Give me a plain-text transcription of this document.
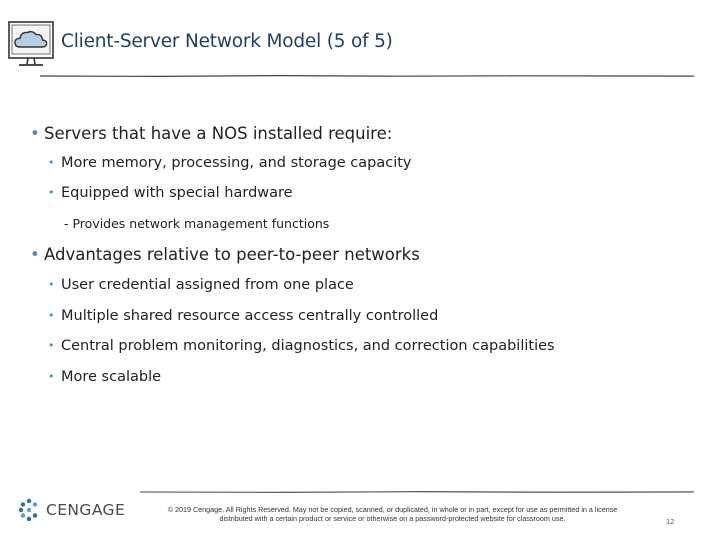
Client-Server Network Model (5 of 5)
• Servers that have a NOS installed require:
• More memory, processing, and storage capacity
• Equipped with special hardware
- Provides network management functions
• Advantages relative to peer-to-peer networks
• User credential assigned from one place
• Multiple shared resource access centrally controlled
• Central problem monitoring, diagnostics, and correction capabilities
• More scalable
CENGAGE	© 2019 Cengage. All Rights Reserved. May not be copied, scanned, or duplicated, in whole or in part, except for use as permitted in a license
distributed with a certain product or service or otherwise on a password-protected website for classroom use.	12
